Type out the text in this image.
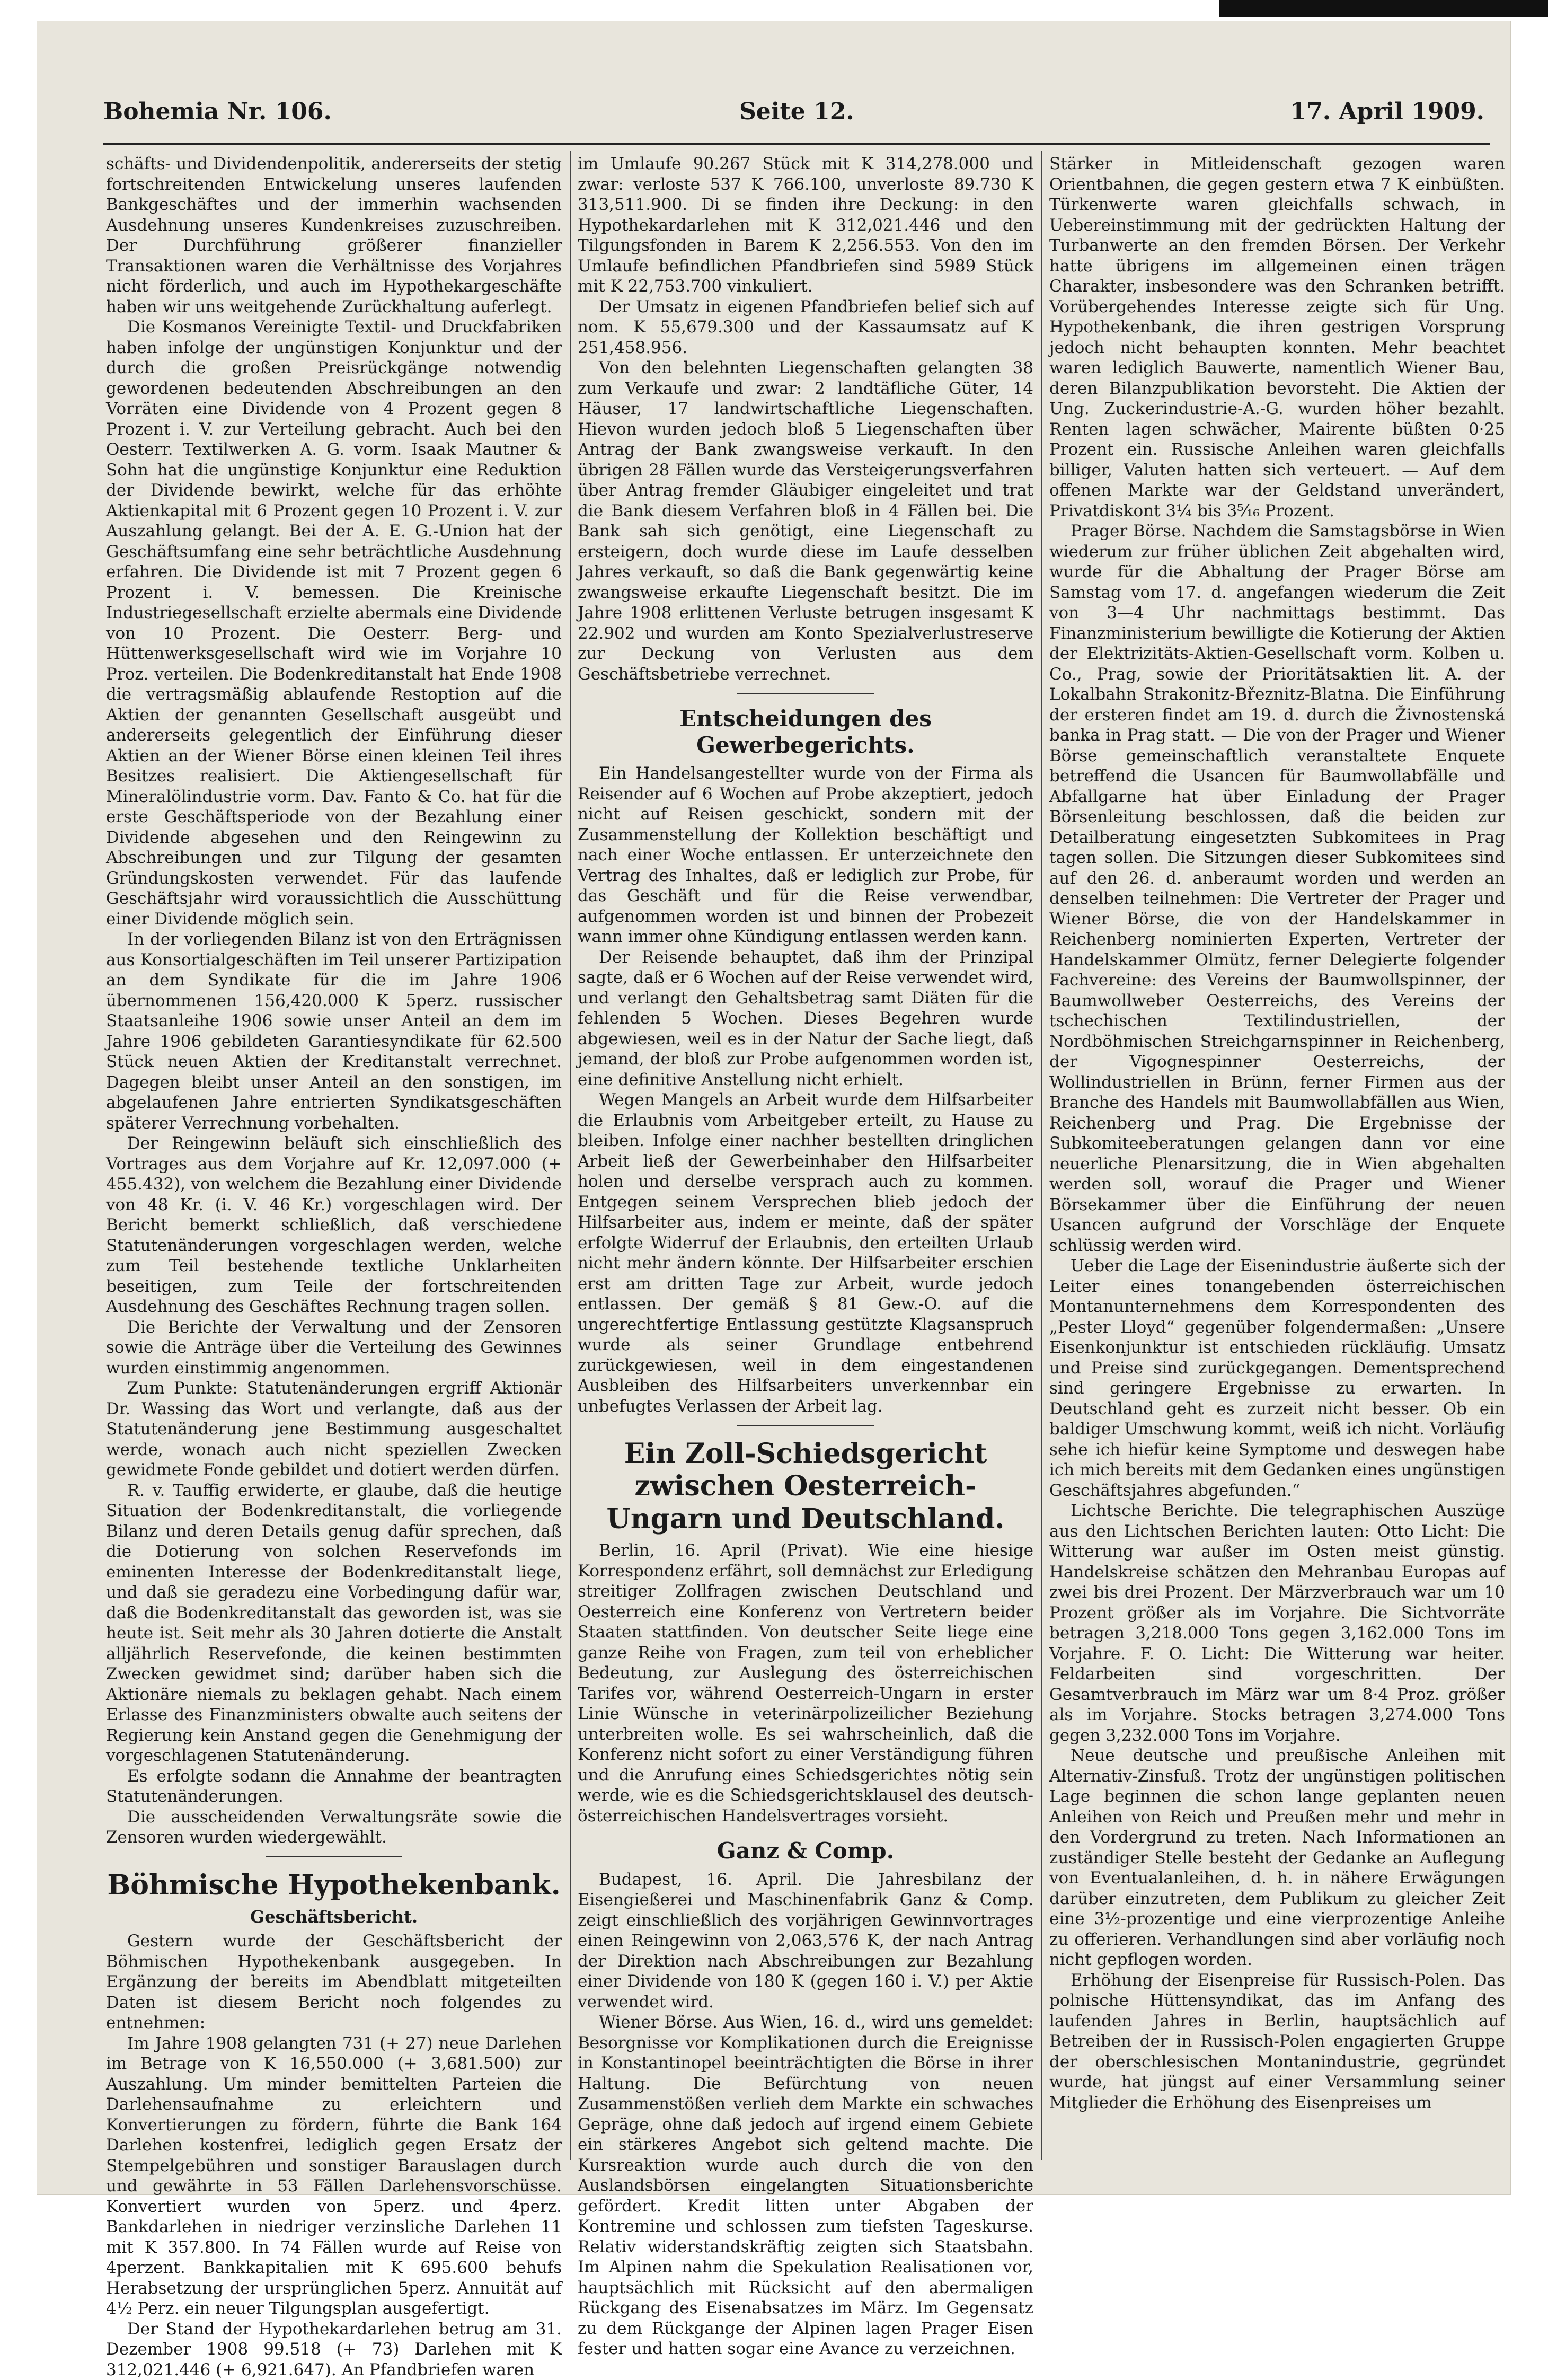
Bohemia Nr. 106.	Seite 12.	17. April 1909.

schäfts- und Dividendenpolitik, andererseits der stetig fortschreitenden Entwickelung unseres laufenden Bankgeschäftes und der immerhin wachsenden Ausdehnung unseres Kundenkreises zuzuschreiben. Der Durchführung größerer finanzieller Transaktionen waren die Verhältnisse des Vorjahres nicht förderlich, und auch im Hypothekargeschäfte haben wir uns weitgehende Zurückhaltung auferlegt.

Die Kosmanos Vereinigte Textil- und Druckfabriken haben infolge der ungünstigen Konjunktur und der durch die großen Preisrückgänge notwendig gewordenen bedeutenden Abschreibungen an den Vorräten eine Dividende von 4 Prozent gegen 8 Prozent i. V. zur Verteilung gebracht. Auch bei den Oesterr. Textilwerken A. G. vorm. Isaak Mautner & Sohn hat die ungünstige Konjunktur eine Reduktion der Dividende bewirkt, welche für das erhöhte Aktienkapital mit 6 Prozent gegen 10 Prozent i. V. zur Auszahlung gelangt. Bei der A. E. G.-Union hat der Geschäftsumfang eine sehr beträchtliche Ausdehnung erfahren. Die Dividende ist mit 7 Prozent gegen 6 Prozent i. V. bemessen. Die Kreinische Industriegesellschaft erzielte abermals eine Dividende von 10 Prozent. Die Oesterr. Berg- und Hüttenwerksgesellschaft wird wie im Vorjahre 10 Proz. verteilen. Die Bodenkreditanstalt hat Ende 1908 die vertragsmäßig ablaufende Restoption auf die Aktien der genannten Gesellschaft ausgeübt und andererseits gelegentlich der Einführung dieser Aktien an der Wiener Börse einen kleinen Teil ihres Besitzes realisiert. Die Aktiengesellschaft für Mineralölindustrie vorm. Dav. Fanto & Co. hat für die erste Geschäftsperiode von der Bezahlung einer Dividende abgesehen und den Reingewinn zu Abschreibungen und zur Tilgung der gesamten Gründungskosten verwendet. Für das laufende Geschäftsjahr wird voraussichtlich die Ausschüttung einer Dividende möglich sein.

In der vorliegenden Bilanz ist von den Erträgnissen aus Konsortialgeschäften im Teil unserer Partizipation an dem Syndikate für die im Jahre 1906 übernommenen 156,420.000 K 5perz. russischer Staatsanleihe 1906 sowie unser Anteil an dem im Jahre 1906 gebildeten Garantiesyndikate für 62.500 Stück neuen Aktien der Kreditanstalt verrechnet. Dagegen bleibt unser Anteil an den sonstigen, im abgelaufenen Jahre entrierten Syndikatsgeschäften späterer Verrechnung vorbehalten.

Der Reingewinn beläuft sich einschließlich des Vortrages aus dem Vorjahre auf Kr. 12,097.000 (+ 455.432), von welchem die Bezahlung einer Dividende von 48 Kr. (i. V. 46 Kr.) vorgeschlagen wird. Der Bericht bemerkt schließlich, daß verschiedene Statutenänderungen vorgeschlagen werden, welche zum Teil bestehende textliche Unklarheiten beseitigen, zum Teile der fortschreitenden Ausdehnung des Geschäftes Rechnung tragen sollen.

Die Berichte der Verwaltung und der Zensoren sowie die Anträge über die Verteilung des Gewinnes wurden einstimmig angenommen.

Zum Punkte: Statutenänderungen ergriff Aktionär Dr. Wassing das Wort und verlangte, daß aus der Statutenänderung jene Bestimmung ausgeschaltet werde, wonach auch nicht speziellen Zwecken gewidmete Fonde gebildet und dotiert werden dürfen.

R. v. Tauffig erwiderte, er glaube, daß die heutige Situation der Bodenkreditanstalt, die vorliegende Bilanz und deren Details genug dafür sprechen, daß die Dotierung von solchen Reservefonds im eminenten Interesse der Bodenkreditanstalt liege, und daß sie geradezu eine Vorbedingung dafür war, daß die Bodenkreditanstalt das geworden ist, was sie heute ist. Seit mehr als 30 Jahren dotierte die Anstalt alljährlich Reservefonde, die keinen bestimmten Zwecken gewidmet sind; darüber haben sich die Aktionäre niemals zu beklagen gehabt. Nach einem Erlasse des Finanzministers obwalte auch seitens der Regierung kein Anstand gegen die Genehmigung der vorgeschlagenen Statutenänderung.

Es erfolgte sodann die Annahme der beantragten Statutenänderungen.

Die ausscheidenden Verwaltungsräte sowie die Zensoren wurden wiedergewählt.

Böhmische Hypothekenbank.
Geschäftsbericht.

Gestern wurde der Geschäftsbericht der Böhmischen Hypothekenbank ausgegeben. In Ergänzung der bereits im Abendblatt mitgeteilten Daten ist diesem Bericht noch folgendes zu entnehmen:

Im Jahre 1908 gelangten 731 (+ 27) neue Darlehen im Betrage von K 16,550.000 (+ 3,681.500) zur Auszahlung. Um minder bemittelten Parteien die Darlehensaufnahme zu erleichtern und Konvertierungen zu fördern, führte die Bank 164 Darlehen kostenfrei, lediglich gegen Ersatz der Stempelgebühren und sonstiger Barauslagen durch und gewährte in 53 Fällen Darlehensvorschüsse. Konvertiert wurden von 5perz. und 4perz. Bankdarlehen in niedriger verzinsliche Darlehen 11 mit K 357.800. In 74 Fällen wurde auf Reise von 4perzent. Bankkapitalien mit K 695.600 behufs Herabsetzung der ursprünglichen 5perz. Annuität auf 4½ Perz. ein neuer Tilgungsplan ausgefertigt.

Der Stand der Hypothekardarlehen betrug am 31. Dezember 1908 99.518 (+ 73) Darlehen mit K 312,021.446 (+ 6,921.647). An Pfandbriefen waren

im Umlaufe 90.267 Stück mit K 314,278.000 und zwar: verloste 537 K 766.100, unverloste 89.730 K 313,511.900. Di se finden ihre Deckung: in den Hypothekardarlehen mit K 312,021.446 und den Tilgungsfonden in Barem K 2,256.553. Von den im Umlaufe befindlichen Pfandbriefen sind 5989 Stück mit K 22,753.700 vinkuliert.

Der Umsatz in eigenen Pfandbriefen belief sich auf nom. K 55,679.300 und der Kassaumsatz auf K 251,458.956.

Von den belehnten Liegenschaften gelangten 38 zum Verkaufe und zwar: 2 landtäfliche Güter, 14 Häuser, 17 landwirtschaftliche Liegenschaften. Hievon wurden jedoch bloß 5 Liegenschaften über Antrag der Bank zwangsweise verkauft. In den übrigen 28 Fällen wurde das Versteigerungsverfahren über Antrag fremder Gläubiger eingeleitet und trat die Bank diesem Verfahren bloß in 4 Fällen bei. Die Bank sah sich genötigt, eine Liegenschaft zu ersteigern, doch wurde diese im Laufe desselben Jahres verkauft, so daß die Bank gegenwärtig keine zwangsweise erkaufte Liegenschaft besitzt. Die im Jahre 1908 erlittenen Verluste betrugen insgesamt K 22.902 und wurden am Konto Spezialverlustreserve zur Deckung von Verlusten aus dem Geschäftsbetriebe verrechnet.

Entscheidungen des Gewerbegerichts.

Ein Handelsangestellter wurde von der Firma als Reisender auf 6 Wochen auf Probe akzeptiert, jedoch nicht auf Reisen geschickt, sondern mit der Zusammenstellung der Kollektion beschäftigt und nach einer Woche entlassen. Er unterzeichnete den Vertrag des Inhaltes, daß er lediglich zur Probe, für das Geschäft und für die Reise verwendbar, aufgenommen worden ist und binnen der Probezeit wann immer ohne Kündigung entlassen werden kann.

Der Reisende behauptet, daß ihm der Prinzipal sagte, daß er 6 Wochen auf der Reise verwendet wird, und verlangt den Gehaltsbetrag samt Diäten für die fehlenden 5 Wochen. Dieses Begehren wurde abgewiesen, weil es in der Natur der Sache liegt, daß jemand, der bloß zur Probe aufgenommen worden ist, eine definitive Anstellung nicht erhielt.

Wegen Mangels an Arbeit wurde dem Hilfsarbeiter die Erlaubnis vom Arbeitgeber erteilt, zu Hause zu bleiben. Infolge einer nachher bestellten dringlichen Arbeit ließ der Gewerbeinhaber den Hilfsarbeiter holen und derselbe versprach auch zu kommen. Entgegen seinem Versprechen blieb jedoch der Hilfsarbeiter aus, indem er meinte, daß der später erfolgte Widerruf der Erlaubnis, den erteilten Urlaub nicht mehr ändern könnte. Der Hilfsarbeiter erschien erst am dritten Tage zur Arbeit, wurde jedoch entlassen. Der gemäß § 81 Gew.-O. auf die ungerechtfertige Entlassung gestützte Klagsanspruch wurde als seiner Grundlage entbehrend zurückgewiesen, weil in dem eingestandenen Ausbleiben des Hilfsarbeiters unverkennbar ein unbefugtes Verlassen der Arbeit lag.

Ein Zoll-Schiedsgericht zwischen Oesterreich-Ungarn und Deutschland.

Berlin, 16. April (Privat). Wie eine hiesige Korrespondenz erfährt, soll demnächst zur Erledigung streitiger Zollfragen zwischen Deutschland und Oesterreich eine Konferenz von Vertretern beider Staaten stattfinden. Von deutscher Seite liege eine ganze Reihe von Fragen, zum teil von erheblicher Bedeutung, zur Auslegung des österreichischen Tarifes vor, während Oesterreich-Ungarn in erster Linie Wünsche in veterinärpolizeilicher Beziehung unterbreiten wolle. Es sei wahrscheinlich, daß die Konferenz nicht sofort zu einer Verständigung führen und die Anrufung eines Schiedsgerichtes nötig sein werde, wie es die Schiedsgerichtsklausel des deutsch-österreichischen Handelsvertrages vorsieht.

Ganz & Comp.

Budapest, 16. April. Die Jahresbilanz der Eisengießerei und Maschinenfabrik Ganz & Comp. zeigt einschließlich des vorjährigen Gewinnvortrages einen Reingewinn von 2,063,576 K, der nach Antrag der Direktion nach Abschreibungen zur Bezahlung einer Dividende von 180 K (gegen 160 i. V.) per Aktie verwendet wird.

Wiener Börse. Aus Wien, 16. d., wird uns gemeldet: Besorgnisse vor Komplikationen durch die Ereignisse in Konstantinopel beeinträchtigten die Börse in ihrer Haltung. Die Befürchtung von neuen Zusammenstößen verlieh dem Markte ein schwaches Gepräge, ohne daß jedoch auf irgend einem Gebiete ein stärkeres Angebot sich geltend machte. Die Kursreaktion wurde auch durch die von den Auslandsbörsen eingelangten Situationsberichte gefördert. Kredit litten unter Abgaben der Kontremine und schlossen zum tiefsten Tageskurse. Relativ widerstandskräftig zeigten sich Staatsbahn. Im Alpinen nahm die Spekulation Realisationen vor, hauptsächlich mit Rücksicht auf den abermaligen Rückgang des Eisenabsatzes im März. Im Gegensatz zu dem Rückgange der Alpinen lagen Prager Eisen fester und hatten sogar eine Avance zu verzeichnen.

Stärker in Mitleidenschaft gezogen waren Orientbahnen, die gegen gestern etwa 7 K einbüßten. Türkenwerte waren gleichfalls schwach, in Uebereinstimmung mit der gedrückten Haltung der Turbanwerte an den fremden Börsen. Der Verkehr hatte übrigens im allgemeinen einen trägen Charakter, insbesondere was den Schranken betrifft. Vorübergehendes Interesse zeigte sich für Ung. Hypothekenbank, die ihren gestrigen Vorsprung jedoch nicht behaupten konnten. Mehr beachtet waren lediglich Bauwerte, namentlich Wiener Bau, deren Bilanzpublikation bevorsteht. Die Aktien der Ung. Zuckerindustrie-A.-G. wurden höher bezahlt. Renten lagen schwächer, Mairente büßten 0·25 Prozent ein. Russische Anleihen waren gleichfalls billiger, Valuten hatten sich verteuert. — Auf dem offenen Markte war der Geldstand unverändert, Privatdiskont 3¼ bis 3⁵⁄₁₆ Prozent.

Prager Börse. Nachdem die Samstagsbörse in Wien wiederum zur früher üblichen Zeit abgehalten wird, wurde für die Abhaltung der Prager Börse am Samstag vom 17. d. angefangen wiederum die Zeit von 3—4 Uhr nachmittags bestimmt. Das Finanzministerium bewilligte die Kotierung der Aktien der Elektrizitäts-Aktien-Gesellschaft vorm. Kolben u. Co., Prag, sowie der Prioritätsaktien lit. A. der Lokalbahn Strakonitz-Březnitz-Blatna. Die Einführung der ersteren findet am 19. d. durch die Živnostenská banka in Prag statt. — Die von der Prager und Wiener Börse gemeinschaftlich veranstaltete Enquete betreffend die Usancen für Baumwollabfälle und Abfallgarne hat über Einladung der Prager Börsenleitung beschlossen, daß die beiden zur Detailberatung eingesetzten Subkomitees in Prag tagen sollen. Die Sitzungen dieser Subkomitees sind auf den 26. d. anberaumt worden und werden an denselben teilnehmen: Die Vertreter der Prager und Wiener Börse, die von der Handelskammer in Reichenberg nominierten Experten, Vertreter der Handelskammer Olmütz, ferner Delegierte folgender Fachvereine: des Vereins der Baumwollspinner, der Baumwollweber Oesterreichs, des Vereins der tschechischen Textilindustriellen, der Nordböhmischen Streichgarnspinner in Reichenberg, der Vigognespinner Oesterreichs, der Wollindustriellen in Brünn, ferner Firmen aus der Branche des Handels mit Baumwollabfällen aus Wien, Reichenberg und Prag. Die Ergebnisse der Subkomiteeberatungen gelangen dann vor eine neuerliche Plenarsitzung, die in Wien abgehalten werden soll, worauf die Prager und Wiener Börsekammer über die Einführung der neuen Usancen aufgrund der Vorschläge der Enquete schlüssig werden wird.

Ueber die Lage der Eisenindustrie äußerte sich der Leiter eines tonangebenden österreichischen Montanunternehmens dem Korrespondenten des „Pester Lloyd“ gegenüber folgendermaßen: „Unsere Eisenkonjunktur ist entschieden rückläufig. Umsatz und Preise sind zurückgegangen. Dementsprechend sind geringere Ergebnisse zu erwarten. In Deutschland geht es zurzeit nicht besser. Ob ein baldiger Umschwung kommt, weiß ich nicht. Vorläufig sehe ich hiefür keine Symptome und deswegen habe ich mich bereits mit dem Gedanken eines ungünstigen Geschäftsjahres abgefunden.“

Lichtsche Berichte. Die telegraphischen Auszüge aus den Lichtschen Berichten lauten: Otto Licht: Die Witterung war außer im Osten meist günstig. Handelskreise schätzen den Mehranbau Europas auf zwei bis drei Prozent. Der Märzverbrauch war um 10 Prozent größer als im Vorjahre. Die Sichtvorräte betragen 3,218.000 Tons gegen 3,162.000 Tons im Vorjahre. F. O. Licht: Die Witterung war heiter. Feldarbeiten sind vorgeschritten. Der Gesamtverbrauch im März war um 8·4 Proz. größer als im Vorjahre. Stocks betragen 3,274.000 Tons gegen 3,232.000 Tons im Vorjahre.

Neue deutsche und preußische Anleihen mit Alternativ-Zinsfuß. Trotz der ungünstigen politischen Lage beginnen die schon lange geplanten neuen Anleihen von Reich und Preußen mehr und mehr in den Vordergrund zu treten. Nach Informationen an zuständiger Stelle besteht der Gedanke an Auflegung von Eventualanleihen, d. h. in nähere Erwägungen darüber einzutreten, dem Publikum zu gleicher Zeit eine 3½-prozentige und eine vierprozentige Anleihe zu offerieren. Verhandlungen sind aber vorläufig noch nicht gepflogen worden.

Erhöhung der Eisenpreise für Russisch-Polen. Das polnische Hüttensyndikat, das im Anfang des laufenden Jahres in Berlin, hauptsächlich auf Betreiben der in Russisch-Polen engagierten Gruppe der oberschlesischen Montanindustrie, gegründet wurde, hat jüngst auf einer Versammlung seiner Mitglieder die Erhöhung des Eisenpreises um
